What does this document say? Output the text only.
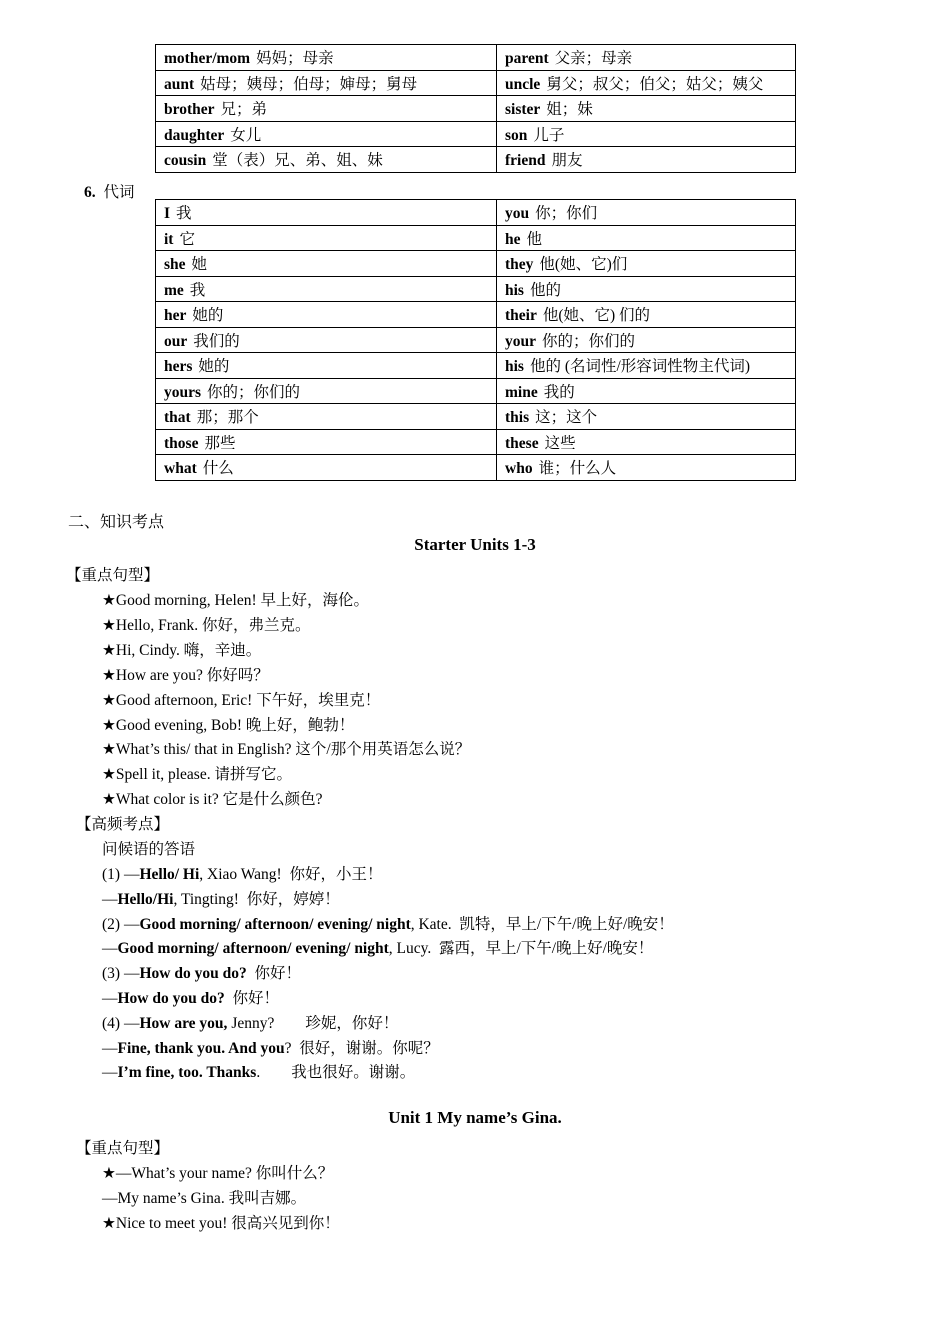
mother/mom 妈妈；母亲	parent 父亲；母亲
aunt 姑母；姨母；伯母；婶母；舅母	uncle 舅父；叔父；伯父；姑父；姨父
brother 兄；弟	sister 姐；妹
daughter 女儿	son 儿子
cousin 堂（表）兄、弟、姐、妹	friend 朋友
6. 代词
I 我	you 你；你们
it 它	he 他
she 她	they 他(她、它)们
me 我	his 他的
her 她的	their 他(她、它) 们的
our 我们的	your 你的；你们的
hers 她的	his 他的 (名词性/形容词性物主代词)
yours 你的；你们的	mine 我的
that 那；那个	this 这；这个
those 那些	these 这些
what 什么	who 谁；什么人
二、知识考点
Starter Units 1-3
【重点句型】
★Good morning, Helen! 早上好，海伦。
★Hello, Frank. 你好，弗兰克。
★Hi, Cindy. 嗨，辛迪。
★How are you? 你好吗？
★Good afternoon, Eric! 下午好，埃里克！
★Good evening, Bob! 晚上好，鲍勃！
★What’s this/ that in English? 这个/那个用英语怎么说？
★Spell it, please. 请拼写它。
★What color is it? 它是什么颜色?
【高频考点】
问候语的答语
(1) —Hello/ Hi, Xiao Wang!  你好，小王！
—Hello/Hi, Tingting!  你好，婷婷！
(2) —Good morning/ afternoon/ evening/ night, Kate.  凯特，早上/下午/晚上好/晚安！
—Good morning/ afternoon/ evening/ night, Lucy.  露西，早上/下午/晚上好/晚安！
(3) —How do you do?  你好！
—How do you do?  你好！
(4) —How are you, Jenny?        珍妮，你好！
—Fine, thank you. And you?  很好，谢谢。你呢？
—I’m fine, too. Thanks.        我也很好。谢谢。
Unit 1 My name’s Gina.
【重点句型】
★—What’s your name? 你叫什么？
—My name’s Gina. 我叫吉娜。
★Nice to meet you! 很高兴见到你！
